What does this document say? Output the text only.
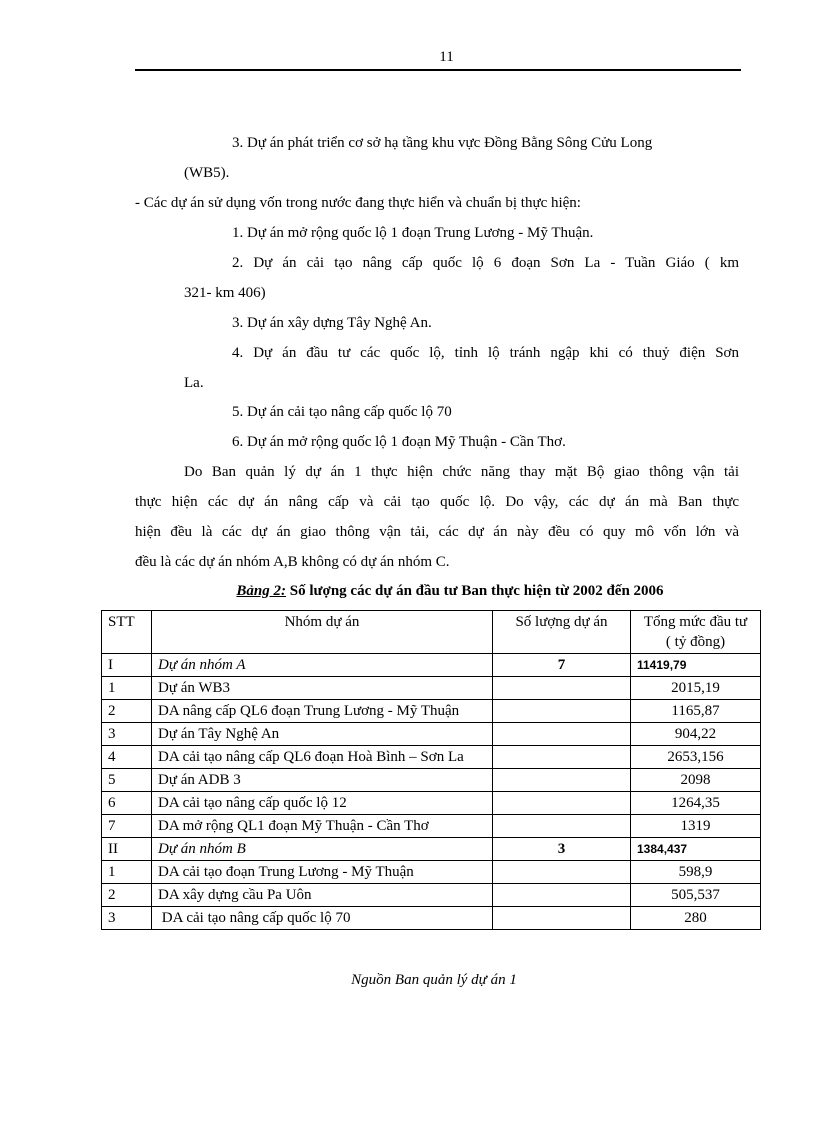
11
3. Dự án phát triển cơ sở hạ tầng khu vực Đồng Bằng Sông Cửu Long
(WB5).
- Các dự án sử dụng vốn trong nước đang thực hiển và chuẩn bị thực hiện:
1. Dự án mở rộng quốc lộ 1 đoạn Trung Lương - Mỹ Thuận.
2. Dự án cải tạo nâng cấp quốc lộ 6 đoạn Sơn La - Tuần Giáo ( km
321- km 406)
3. Dự án xây dựng Tây Nghệ An.
4. Dự án đầu tư các quốc lộ, tỉnh lộ tránh ngập khi có thuỷ điện Sơn
La.
5. Dự án cải tạo nâng cấp quốc lộ 70
6. Dự án mở rộng quốc lộ 1 đoạn Mỹ Thuận - Cần Thơ.
Do Ban quản lý dự án 1 thực hiện chức năng thay mặt Bộ giao thông vận tải
thực hiện các dự án nâng cấp và cải tạo quốc lộ. Do vậy, các dự án mà Ban thực
hiện đều là các dự án giao thông vận tải, các dự án này đều có quy mô vốn lớn và
đều là các dự án nhóm A,B không có dự án nhóm C.
Bảng 2: Số lượng các dự án đầu tư Ban thực hiện từ 2002 đến 2006
STT	Nhóm dự án	Số lượng dự án	Tổng mức đầu tư
( tỷ đồng)

I	Dự án nhóm A	7	11419,79
1	Dự án WB3		2015,19
2	DA nâng cấp QL6 đoạn Trung Lương - Mỹ Thuận		1165,87
3	Dự án Tây Nghệ An		904,22
4	DA cải tạo nâng cấp QL6 đoạn Hoà Bình – Sơn La		2653,156
5	Dự án ADB 3		2098
6	DA cải tạo nâng cấp quốc lộ 12		1264,35
7	DA mở rộng QL1 đoạn Mỹ Thuận - Cần Thơ		1319
II	Dự án nhóm B	3	1384,437
1	DA cải tạo đoạn Trung Lương - Mỹ Thuận		598,9
2	DA xây dựng cầu Pa Uôn		505,537
3	DA cải tạo nâng cấp quốc lộ 70		280
Nguồn Ban quản lý dự án 1
